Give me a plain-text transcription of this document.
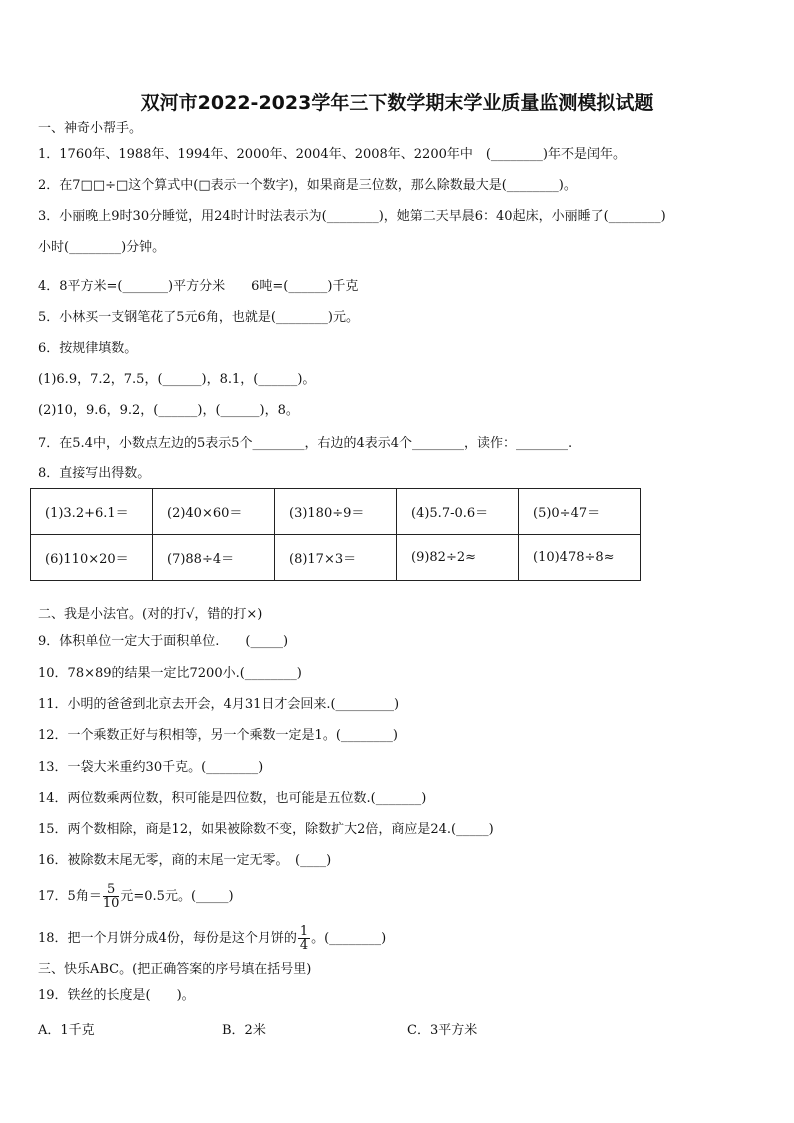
双河市2022-2023学年三下数学期末学业质量监测模拟试题
一、神奇小帮手。
1．1760年、1988年、1994年、2000年、2004年、2008年、2200年中　(________)年不是闰年。
2．在7□□÷□这个算式中(□表示一个数字)，如果商是三位数，那么除数最大是(________)。
3．小丽晚上9时30分睡觉，用24时计时法表示为(________)，她第二天早晨6：40起床，小丽睡了(________)
小时(________)分钟。
4．8平方米=(_______)平方分米　　6吨=(______)千克
5．小林买一支钢笔花了5元6角，也就是(________)元。
6．按规律填数。
(1)6.9，7.2，7.5，(______)，8.1，(______)。
(2)10，9.6，9.2，(______)，(______)，8。
7．在5.4中，小数点左边的5表示5个________，右边的4表示4个________，读作：________.
8．直接写出得数。
(1)3.2+6.1＝	(2)40×60＝	(3)180÷9＝	(4)5.7-0.6＝	(5)0÷47＝
(6)110×20＝	(7)88÷4＝	(8)17×3＝	(9)82÷2≈	(10)478÷8≈
二、我是小法官。(对的打√，错的打×)
9．体积单位一定大于面积单位.　　(_____)
10．78×89的结果一定比7200小.(________)
11．小明的爸爸到北京去开会，4月31日才会回来.(_________)
12．一个乘数正好与积相等，另一个乘数一定是1。(________)
13．一袋大米重约30千克。(________)
14．两位数乘两位数，积可能是四位数，也可能是五位数.(_______)
15．两个数相除，商是12，如果被除数不变，除数扩大2倍，商应是24.(_____)
16．被除数末尾无零，商的末尾一定无零。　(____)
17．5角＝ $\frac{5}{10}$ 元=0.5元。(_____)
18．把一个月饼分成4份，每份是这个月饼的 $\frac{1}{4}$ 。(________)
三、快乐ABC。(把正确答案的序号填在括号里)
19．铁丝的长度是(　　)。
A．1千克	B．2米	C．3平方米
